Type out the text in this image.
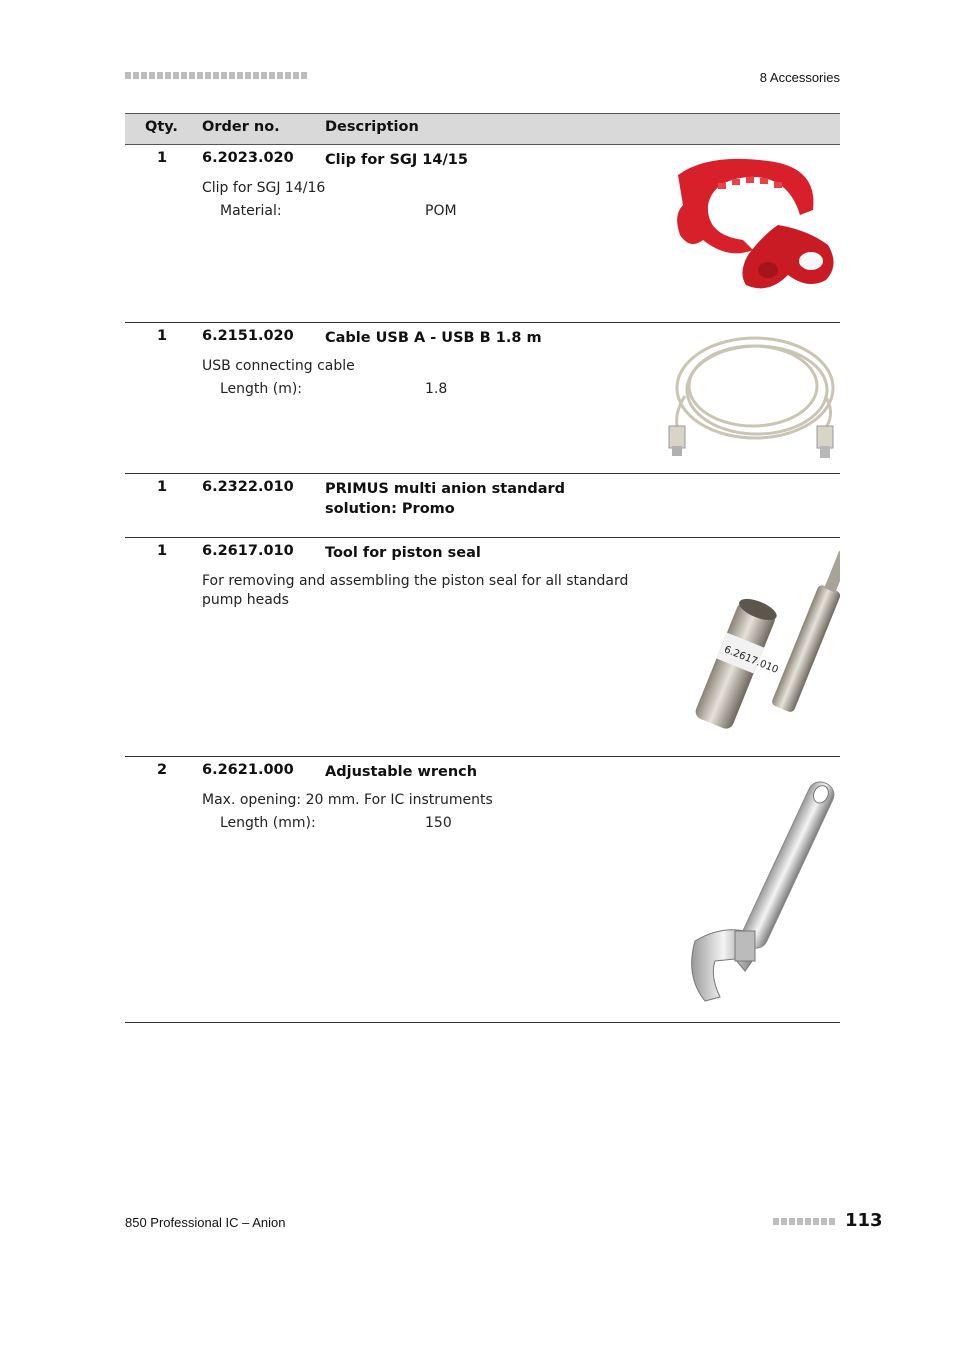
8 Accessories
Qty. Order no.	Description
1 6.2023.020 Clip for SGJ 14/15
Clip for SGJ 14/16
Material:	POM
1 6.2151.020 Cable USB A - USB B 1.8 m
USB connecting cable
Length (m):	1.8
1 6.2322.010 PRIMUS multi anion standard solution: Promo
1 6.2617.010 Tool for piston seal
For removing and assembling the piston seal for all standard pump heads
6.2617.010
2 6.2621.000 Adjustable wrench
Max. opening: 20 mm. For IC instruments
Length (mm):	150
850 Professional IC – Anion	113
